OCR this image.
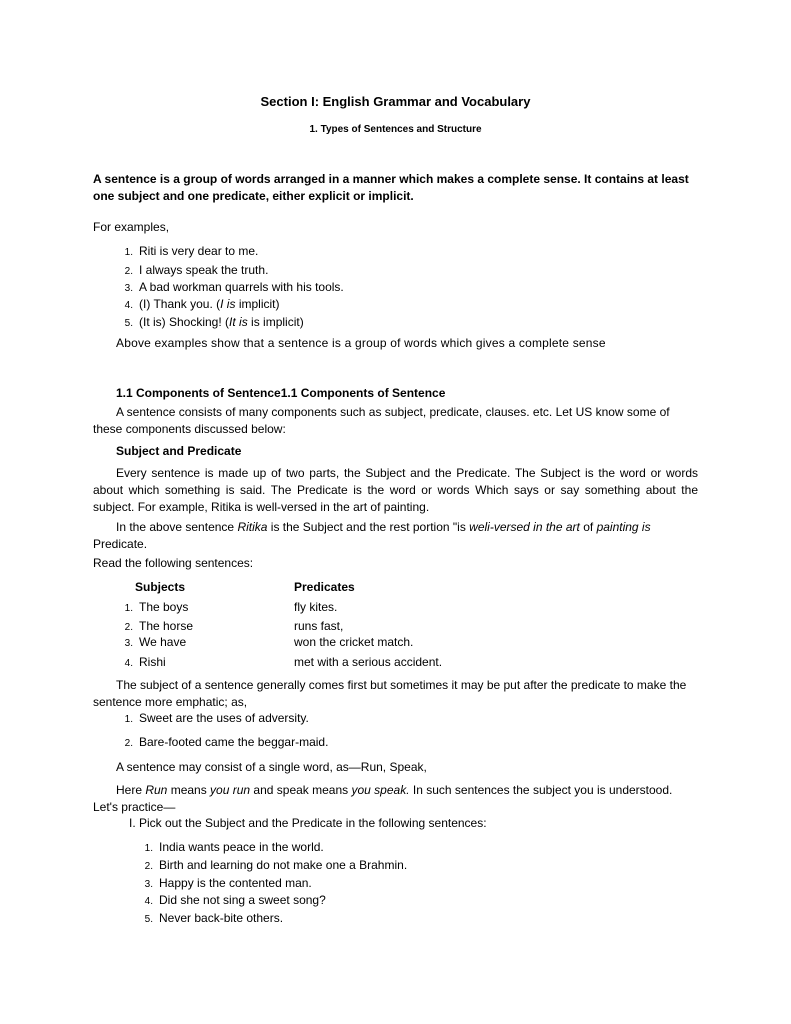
Section I: English Grammar and Vocabulary
1. Types of Sentences and Structure
A sentence is a group of words arranged in a manner which makes a complete sense. It contains at least one subject and one predicate, either explicit or implicit.
For examples,
1. Riti is very dear to me.
2. I always speak the truth.
3. A bad workman quarrels with his tools.
4. (I) Thank you. (I is implicit)
5. (It is) Shocking! (It is is implicit)
Above examples show that a sentence is a group of words which gives a complete sense
1.1 Components of Sentence1.1 Components of Sentence
A sentence consists of many components such as subject, predicate, clauses. etc. Let US know some of these components discussed below:
Subject and Predicate
Every sentence is made up of two parts, the Subject and the Predicate. The Subject is the word or words about which something is said. The Predicate is the word or words Which says or say something about the subject. For example, Ritika is well-versed in the art of painting.
In the above sentence Ritika is the Subject and the rest portion "is weli-versed in the art of painting is Predicate.
Read the following sentences:
Subjects	Predicates
1. The boys	fly kites.
2. The horse	runs fast,
3. We have	won the cricket match.
4. Rishi	met with a serious accident.
The subject of a sentence generally comes first but sometimes it may be put after the predicate to make the sentence more emphatic; as,
1. Sweet are the uses of adversity.
2. Bare-footed came the beggar-maid.
A sentence may consist of a single word, as—Run, Speak,
Here Run means you run and speak means you speak. In such sentences the subject you is understood. Let's practice—
I. Pick out the Subject and the Predicate in the following sentences:
1. India wants peace in the world.
2. Birth and learning do not make one a Brahmin.
3. Happy is the contented man.
4. Did she not sing a sweet song?
5. Never back-bite others.
